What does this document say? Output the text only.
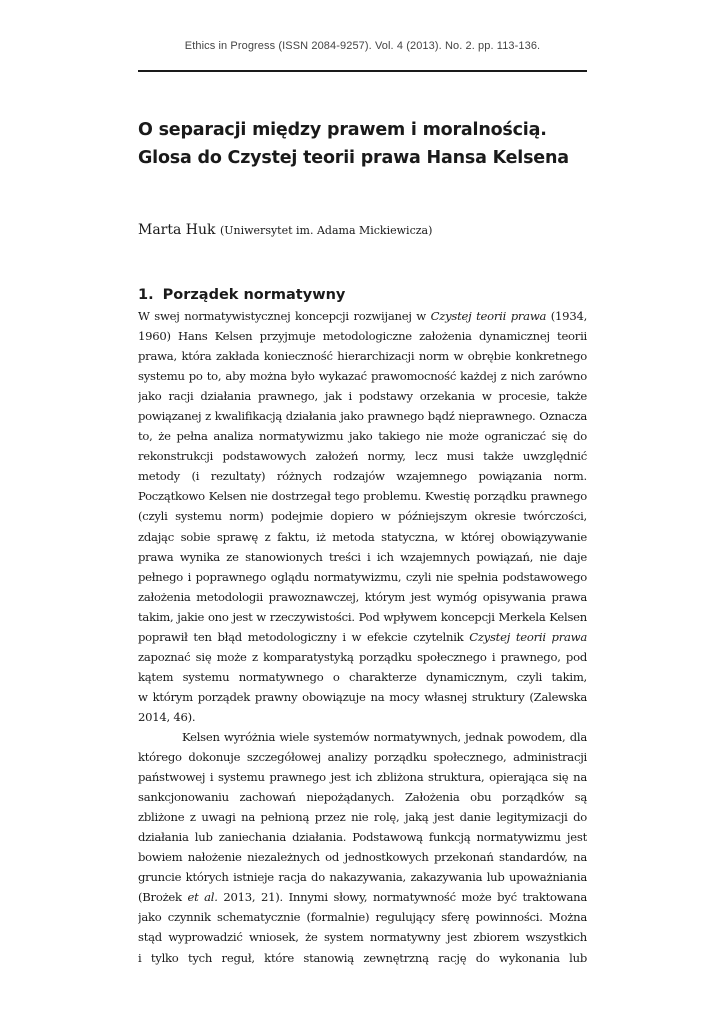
Ethics in Progress (ISSN 2084-9257). Vol. 4 (2013). No. 2. pp. 113-136.
O separacji między prawem i moralnością.
Glosa do Czystej teorii prawa Hansa Kelsena
Marta Huk (Uniwersytet im. Adama Mickiewicza)
1. Porządek normatywny

W swej normatywistycznej koncepcji rozwijanej w Czystej teorii prawa (1934,
1960) Hans Kelsen przyjmuje metodologiczne założenia dynamicznej teorii
prawa, która zakłada konieczność hierarchizacji norm w obrębie konkretnego
systemu po to, aby można było wykazać prawomocność każdej z nich zarówno
jako racji działania prawnego, jak i podstawy orzekania w procesie, także
powiązanej z kwalifikacją działania jako prawnego bądź nieprawnego. Oznacza
to, że pełna analiza normatywizmu jako takiego nie może ograniczać się do
rekonstrukcji podstawowych założeń normy, lecz musi także uwzględnić
metody (i rezultaty) różnych rodzajów wzajemnego powiązania norm.
Początkowo Kelsen nie dostrzegał tego problemu. Kwestię porządku prawnego
(czyli systemu norm) podejmie dopiero w późniejszym okresie twórczości,
zdając sobie sprawę z faktu, iż metoda statyczna, w której obowiązywanie
prawa wynika ze stanowionych treści i ich wzajemnych powiązań, nie daje
pełnego i poprawnego oglądu normatywizmu, czyli nie spełnia podstawowego
założenia metodologii prawoznawczej, którym jest wymóg opisywania prawa
takim, jakie ono jest w rzeczywistości. Pod wpływem koncepcji Merkela Kelsen
poprawił ten błąd metodologiczny i w efekcie czytelnik Czystej teorii prawa
zapoznać się może z komparatystyką porządku społecznego i prawnego, pod
kątem systemu normatywnego o charakterze dynamicznym, czyli takim,
w którym porządek prawny obowiązuje na mocy własnej struktury (Zalewska
2014, 46).

Kelsen wyróżnia wiele systemów normatywnych, jednak powodem, dla
którego dokonuje szczegółowej analizy porządku społecznego, administracji
państwowej i systemu prawnego jest ich zbliżona struktura, opierająca się na
sankcjonowaniu zachowań niepożądanych. Założenia obu porządków są
zbliżone z uwagi na pełnioną przez nie rolę, jaką jest danie legitymizacji do
działania lub zaniechania działania. Podstawową funkcją normatywizmu jest
bowiem nałożenie niezależnych od jednostkowych przekonań standardów, na
gruncie których istnieje racja do nakazywania, zakazywania lub upoważniania
(Brożek et al. 2013, 21). Innymi słowy, normatywność może być traktowana
jako czynnik schematycznie (formalnie) regulujący sferę powinności. Można
stąd wyprowadzić wniosek, że system normatywny jest zbiorem wszystkich
i tylko tych reguł, które stanowią zewnętrzną rację do wykonania lub
